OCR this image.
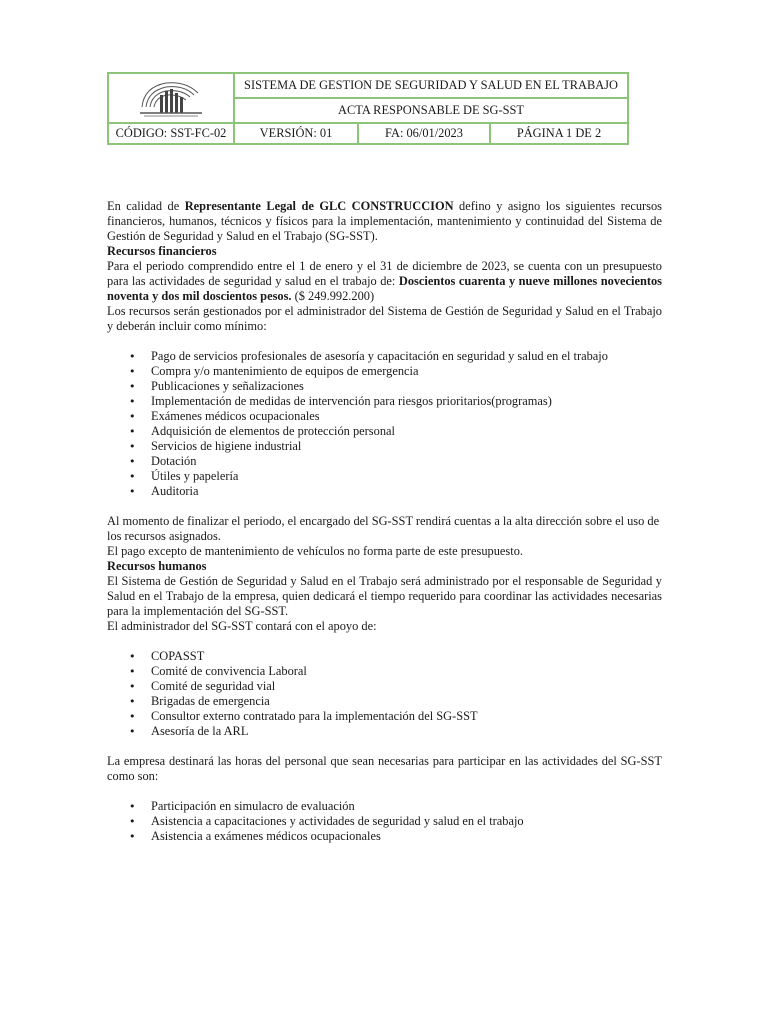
	SISTEMA DE GESTION DE SEGURIDAD Y SALUD EN EL TRABAJO		
	ACTA RESPONSABLE DE SG-SST		
CÓDIGO: SST-FC-02	VERSIÓN: 01	FA: 06/01/2023	PÁGINA 1 DE 2

En calidad de Representante Legal de GLC CONSTRUCCION defino y asigno los siguientes recursos financieros, humanos, técnicos y físicos para la implementación, mantenimiento y continuidad del Sistema de Gestión de Seguridad y Salud en el Trabajo (SG-SST).

Recursos financieros

Para el periodo comprendido entre el 1 de enero y el 31 de diciembre de 2023, se cuenta con un presupuesto para las actividades de seguridad y salud en el trabajo de: Doscientos cuarenta y nueve millones novecientos noventa y dos mil doscientos pesos. ($ 249.992.200)

Los recursos serán gestionados por el administrador del Sistema de Gestión de Seguridad y Salud en el Trabajo y deberán incluir como mínimo:

• Pago de servicios profesionales de asesoría y capacitación en seguridad y salud en el trabajo
• Compra y/o mantenimiento de equipos de emergencia
• Publicaciones y señalizaciones
• Implementación de medidas de intervención para riesgos prioritarios(programas)
• Exámenes médicos ocupacionales
• Adquisición de elementos de protección personal
• Servicios de higiene industrial
• Dotación
• Útiles y papelería
• Auditoria

Al momento de finalizar el periodo, el encargado del SG-SST rendirá cuentas a la alta dirección sobre el uso de los recursos asignados.

El pago excepto de mantenimiento de vehículos no forma parte de este presupuesto.

Recursos humanos

El Sistema de Gestión de Seguridad y Salud en el Trabajo será administrado por el responsable de Seguridad y Salud en el Trabajo de la empresa, quien dedicará el tiempo requerido para coordinar las actividades necesarias para la implementación del SG-SST.

El administrador del SG-SST contará con el apoyo de:

• COPASST
• Comité de convivencia Laboral
• Comité de seguridad vial
• Brigadas de emergencia
• Consultor externo contratado para la implementación del SG-SST
• Asesoría de la ARL

La empresa destinará las horas del personal que sean necesarias para participar en las actividades del SG-SST como son:

• Participación en simulacro de evaluación
• Asistencia a capacitaciones y actividades de seguridad y salud en el trabajo
• Asistencia a exámenes médicos ocupacionales
